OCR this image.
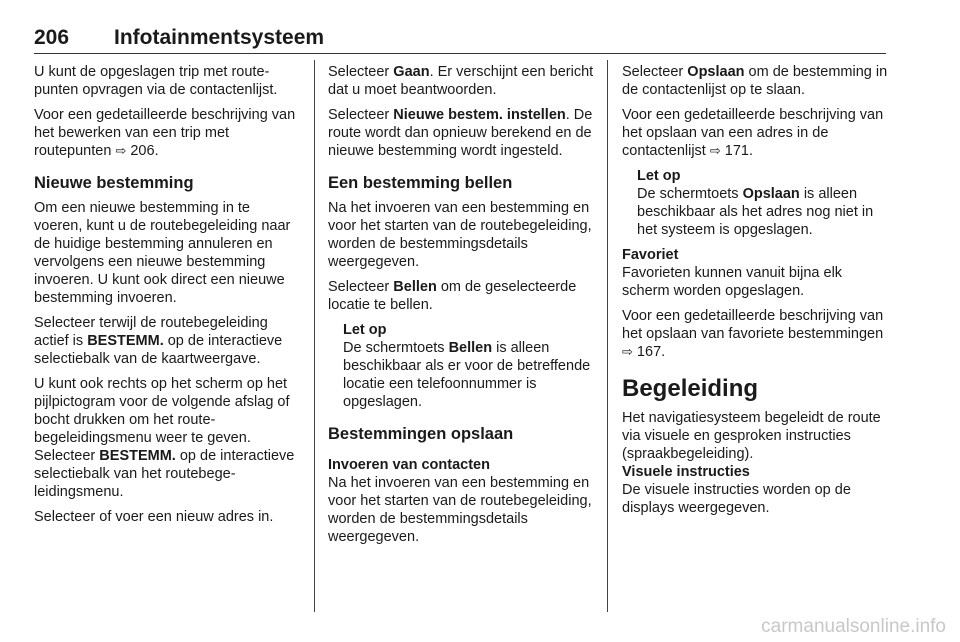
206 Infotainmentsysteem

U kunt de opgeslagen trip met routepunten opvragen via de contactenlijst.

Voor een gedetailleerde beschrijving van het bewerken van een trip met routepunten ⇨ 206.

Nieuwe bestemming

Om een nieuwe bestemming in te voeren, kunt u de routebegeleiding naar de huidige bestemming annuleren en vervolgens een nieuwe bestemming invoeren. U kunt ook direct een nieuwe bestemming invoeren.

Selecteer terwijl de routebegeleiding actief is BESTEMM. op de interactieve selectiebalk van de kaartweergave.

U kunt ook rechts op het scherm op het pijlpictogram voor de volgende afslag of bocht drukken om het routebegeleidingsmenu weer te geven. Selecteer BESTEMM. op de interactieve selectiebalk van het routebegeleidingsmenu.

Selecteer of voer een nieuw adres in.

Selecteer Gaan. Er verschijnt een bericht dat u moet beantwoorden.

Selecteer Nieuwe bestem. instellen. De route wordt dan opnieuw berekend en de nieuwe bestemming wordt ingesteld.

Een bestemming bellen

Na het invoeren van een bestemming en voor het starten van de routebegeleiding, worden de bestemmingsdetails weergegeven.

Selecteer Bellen om de geselecteerde locatie te bellen.

Let op

De schermtoets Bellen is alleen beschikbaar als er voor de betreffende locatie een telefoonnummer is opgeslagen.

Bestemmingen opslaan
Invoeren van contacten

Na het invoeren van een bestemming en voor het starten van de routebegeleiding, worden de bestemmingsdetails weergegeven.

Selecteer Opslaan om de bestemming in de contactenlijst op te slaan.

Voor een gedetailleerde beschrijving van het opslaan van een adres in de contactenlijst ⇨ 171.

Let op

De schermtoets Opslaan is alleen beschikbaar als het adres nog niet in het systeem is opgeslagen.

Favoriet

Favorieten kunnen vanuit bijna elk scherm worden opgeslagen.

Voor een gedetailleerde beschrijving van het opslaan van favoriete bestemmingen ⇨ 167.

Begeleiding

Het navigatiesysteem begeleidt de route via visuele en gesproken instructies (spraakbegeleiding).

Visuele instructies

De visuele instructies worden op de displays weergegeven.

carmanualsonline.info
